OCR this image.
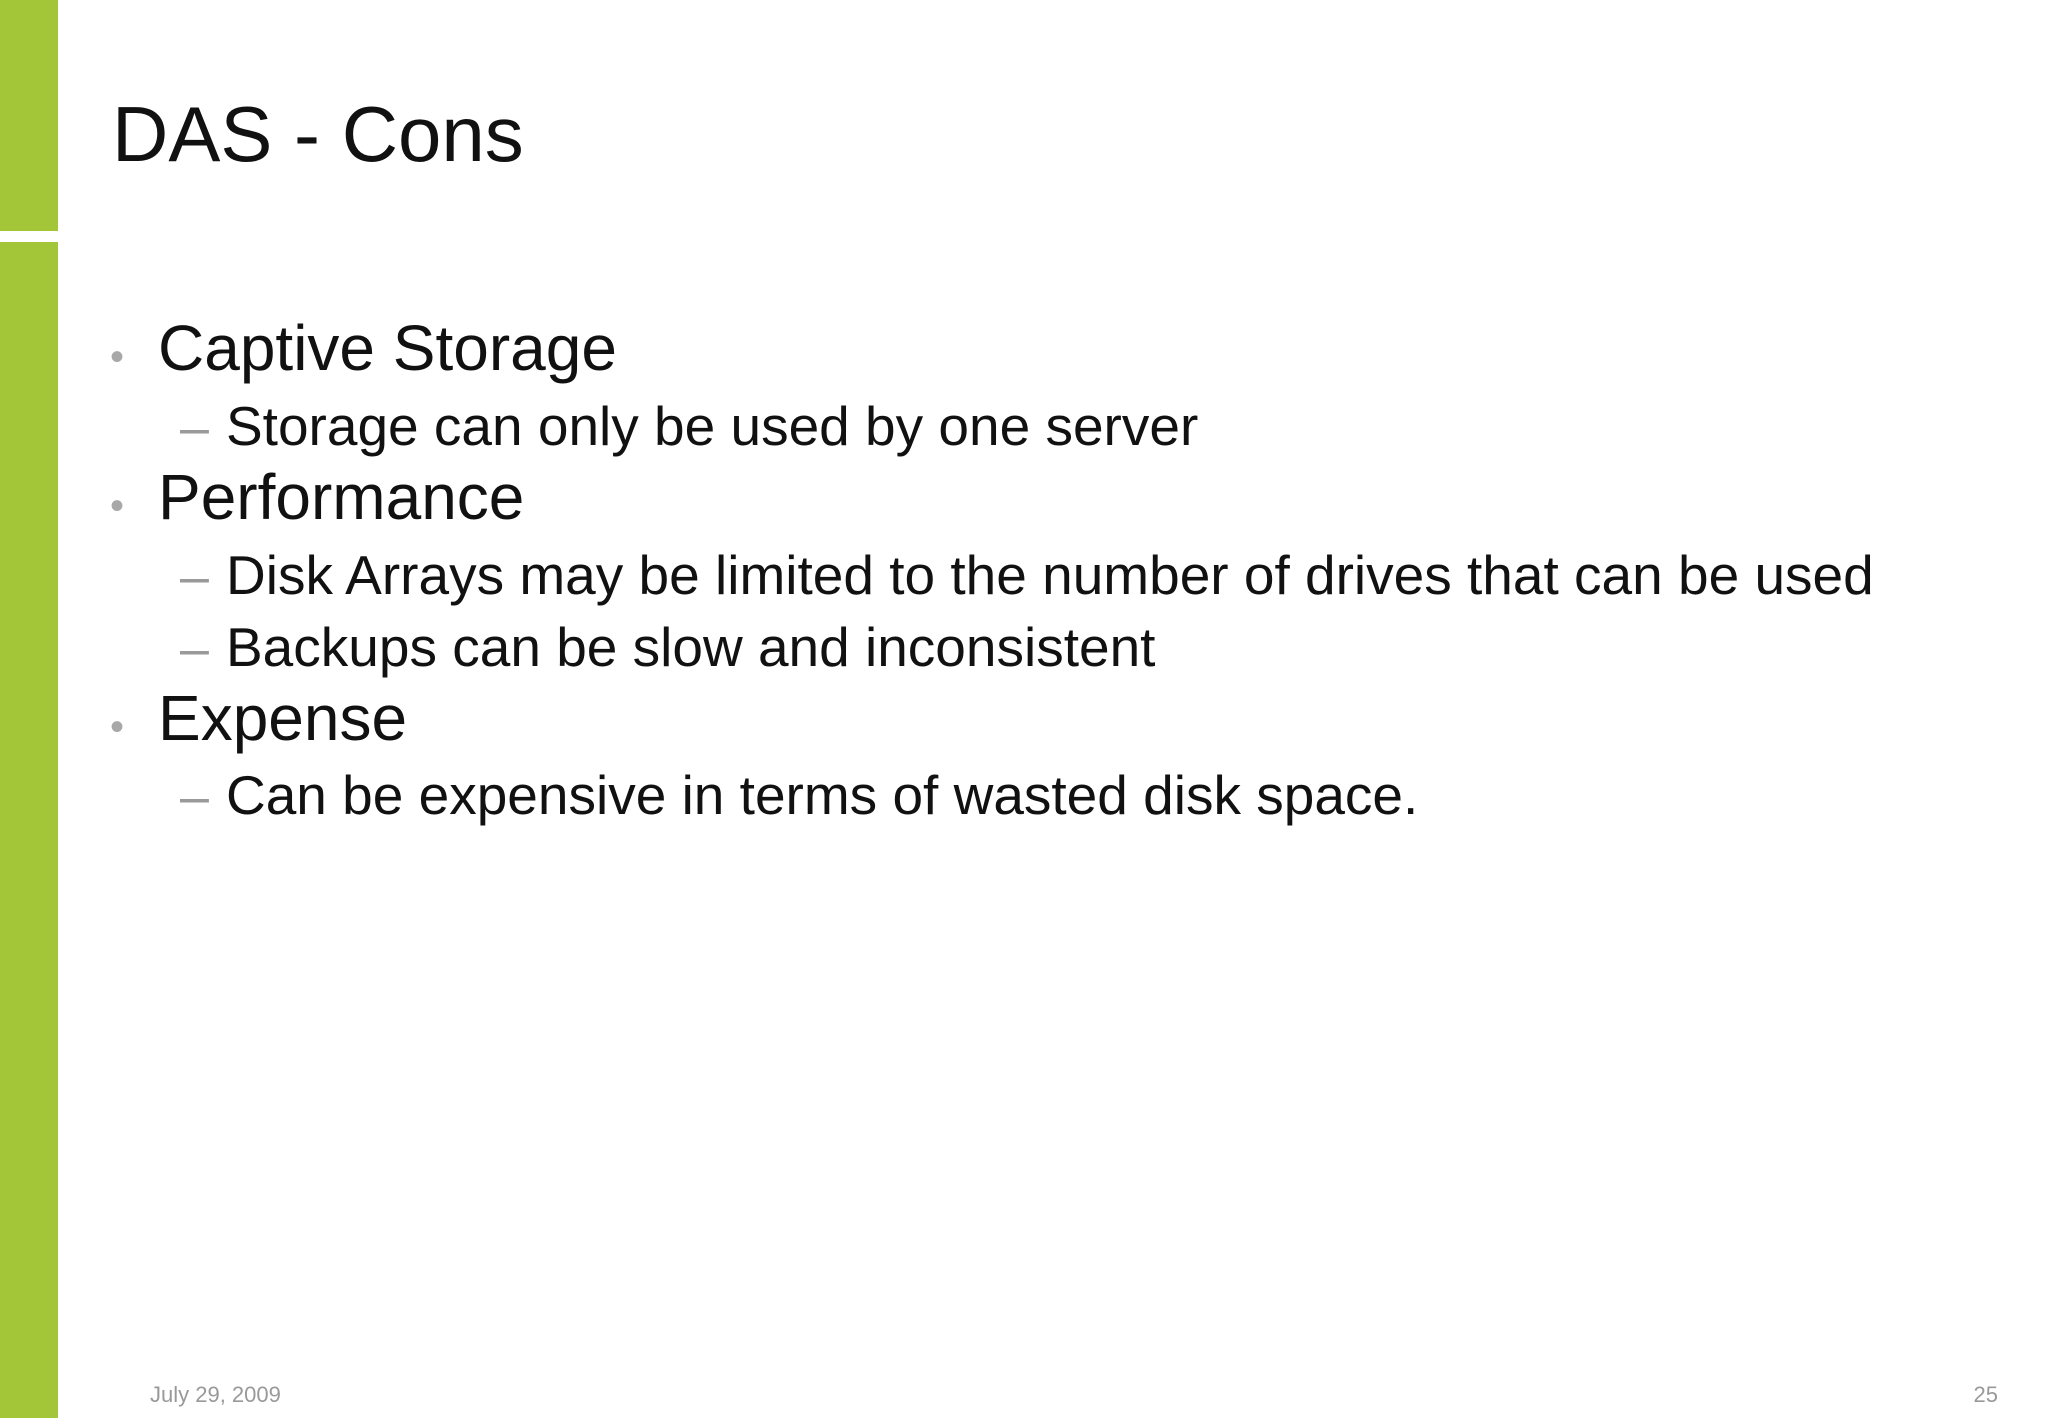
DAS - Cons
• Captive Storage
– Storage can only be used by one server
• Performance
– Disk Arrays may be limited to the number of drives that can be used
– Backups can be slow and inconsistent
• Expense
– Can be expensive in terms of wasted disk space.
July 29, 2009	25
